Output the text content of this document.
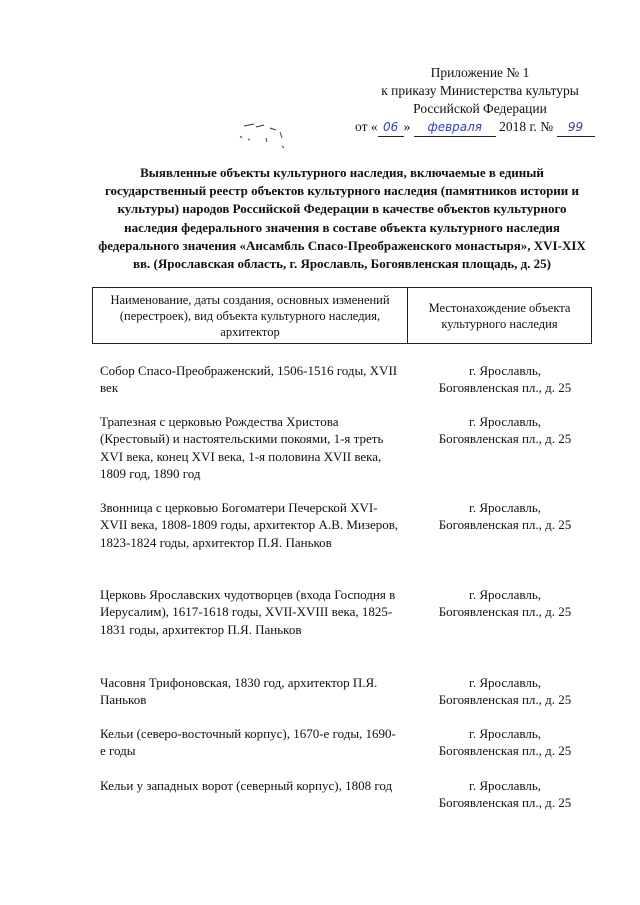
Приложение № 1
к приказу Министерства культуры
Российской Федерации
от « 06 » февраля 2018 г. № 99
Выявленные объекты культурного наследия, включаемые в единый государственный реестр объектов культурного наследия (памятников истории и культуры) народов Российской Федерации в качестве объектов культурного наследия федерального значения в составе объекта культурного наследия федерального значения «Ансамбль Спасо-Преображенского монастыря», XVI-XIX вв. (Ярославская область, г. Ярославль, Богоявленская площадь, д. 25)
Наименование, даты создания, основных изменений (перестроек), вид объекта культурного наследия, архитектор
Местонахождение объекта культурного наследия
Собор Спасо-Преображенский, 1506-1516 годы, XVII век
г. Ярославль,
Богоявленская пл., д. 25
Трапезная с церковью Рождества Христова (Крестовый) и настоятельскими покоями, 1-я треть XVI века, конец XVI века, 1-я половина XVII века, 1809 год, 1890 год
г. Ярославль,
Богоявленская пл., д. 25
Звонница с церковью Богоматери Печерской XVI-XVII века, 1808-1809 годы, архитектор А.В. Мизеров, 1823-1824 годы, архитектор П.Я. Паньков
г. Ярославль,
Богоявленская пл., д. 25
Церковь Ярославских чудотворцев (входа Господня в Иерусалим), 1617-1618 годы, XVII-XVIII века, 1825-1831 годы, архитектор П.Я. Паньков
г. Ярославль,
Богоявленская пл., д. 25
Часовня Трифоновская, 1830 год, архитектор П.Я. Паньков
г. Ярославль,
Богоявленская пл., д. 25
Кельи (северо-восточный корпус), 1670-е годы, 1690-е годы
г. Ярославль,
Богоявленская пл., д. 25
Кельи у западных ворот (северный корпус), 1808 год	г. Ярославль,
Богоявленская пл., д. 25
